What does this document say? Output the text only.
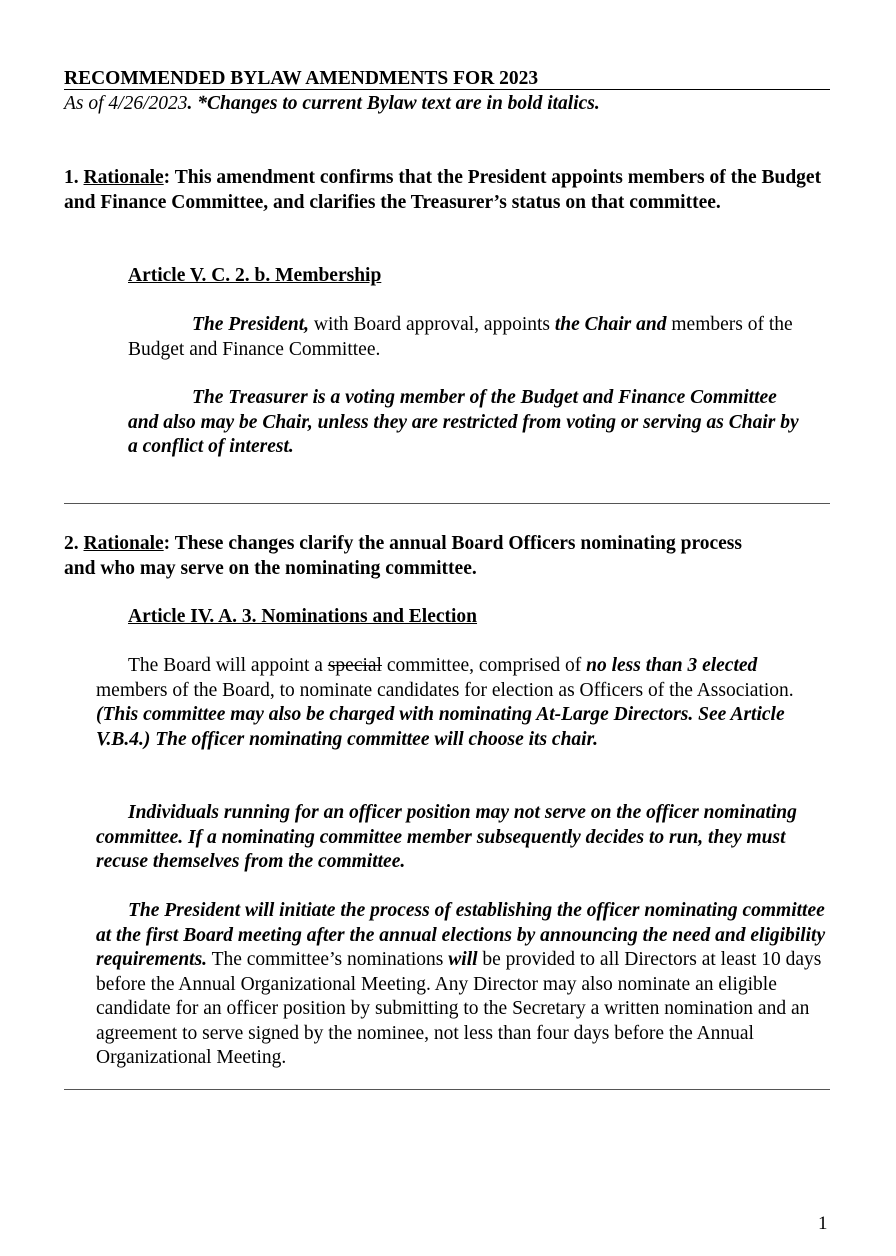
RECOMMENDED BYLAW AMENDMENTS FOR 2023
As of 4/26/2023. *Changes to current Bylaw text are in bold italics.
1. Rationale: This amendment confirms that the President appoints members of the Budget and Finance Committee, and clarifies the Treasurer’s status on that committee.
Article V. C. 2. b. Membership

The President, with Board approval, appoints the Chair and members of the Budget and Finance Committee.

The Treasurer is a voting member of the Budget and Finance Committee and also may be Chair, unless they are restricted from voting or serving as Chair by a conflict of interest.

2. Rationale: These changes clarify the annual Board Officers nominating process and who may serve on the nominating committee.
Article IV. A. 3. Nominations and Election

The Board will appoint a special committee, comprised of no less than 3 elected members of the Board, to nominate candidates for election as Officers of the Association. (This committee may also be charged with nominating At-Large Directors. See Article V.B.4.) The officer nominating committee will choose its chair.

Individuals running for an officer position may not serve on the officer nominating committee. If a nominating committee member subsequently decides to run, they must recuse themselves from the committee.

The President will initiate the process of establishing the officer nominating committee at the first Board meeting after the annual elections by announcing the need and eligibility requirements. The committee’s nominations will be provided to all Directors at least 10 days before the Annual Organizational Meeting. Any Director may also nominate an eligible candidate for an officer position by submitting to the Secretary a written nomination and an agreement to serve signed by the nominee, not less than four days before the Annual Organizational Meeting.

1
